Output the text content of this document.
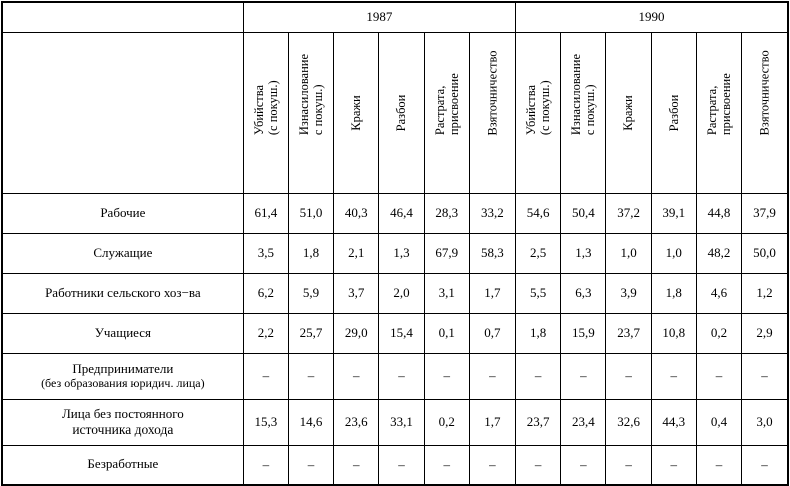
	1987						1990					

	Убийства (с покуш.)	Изнасилование с покуш.)	Кражи	Разбои	Растрата, присвоение	Взяточничество	Убийства (с покуш.)	Изнасилование с покуш.)	Кражи	Разбои	Растрата, присвоение	Взяточничество

Рабочие	61,4	51,0	40,3	46,4	28,3	33,2	54,6	50,4	37,2	39,1	44,8	37,9
Служащие	3,5	1,8	2,1	1,3	67,9	58,3	2,5	1,3	1,0	1,0	48,2	50,0
Работники сельского хоз−ва	6,2	5,9	3,7	2,0	3,1	1,7	5,5	6,3	3,9	1,8	4,6	1,2
Учащиеся	2,2	25,7	29,0	15,4	0,1	0,7	1,8	15,9	23,7	10,8	0,2	2,9
Предприниматели
(без образования юридич. лица)	–	–	–	–	–	–	–	–	–	–	–	–
Лица без постоянного
источника дохода	15,3	14,6	23,6	33,1	0,2	1,7	23,7	23,4	32,6	44,3	0,4	3,0
Безработные	–	–	–	–	–	–	–	–	–	–	–	–
